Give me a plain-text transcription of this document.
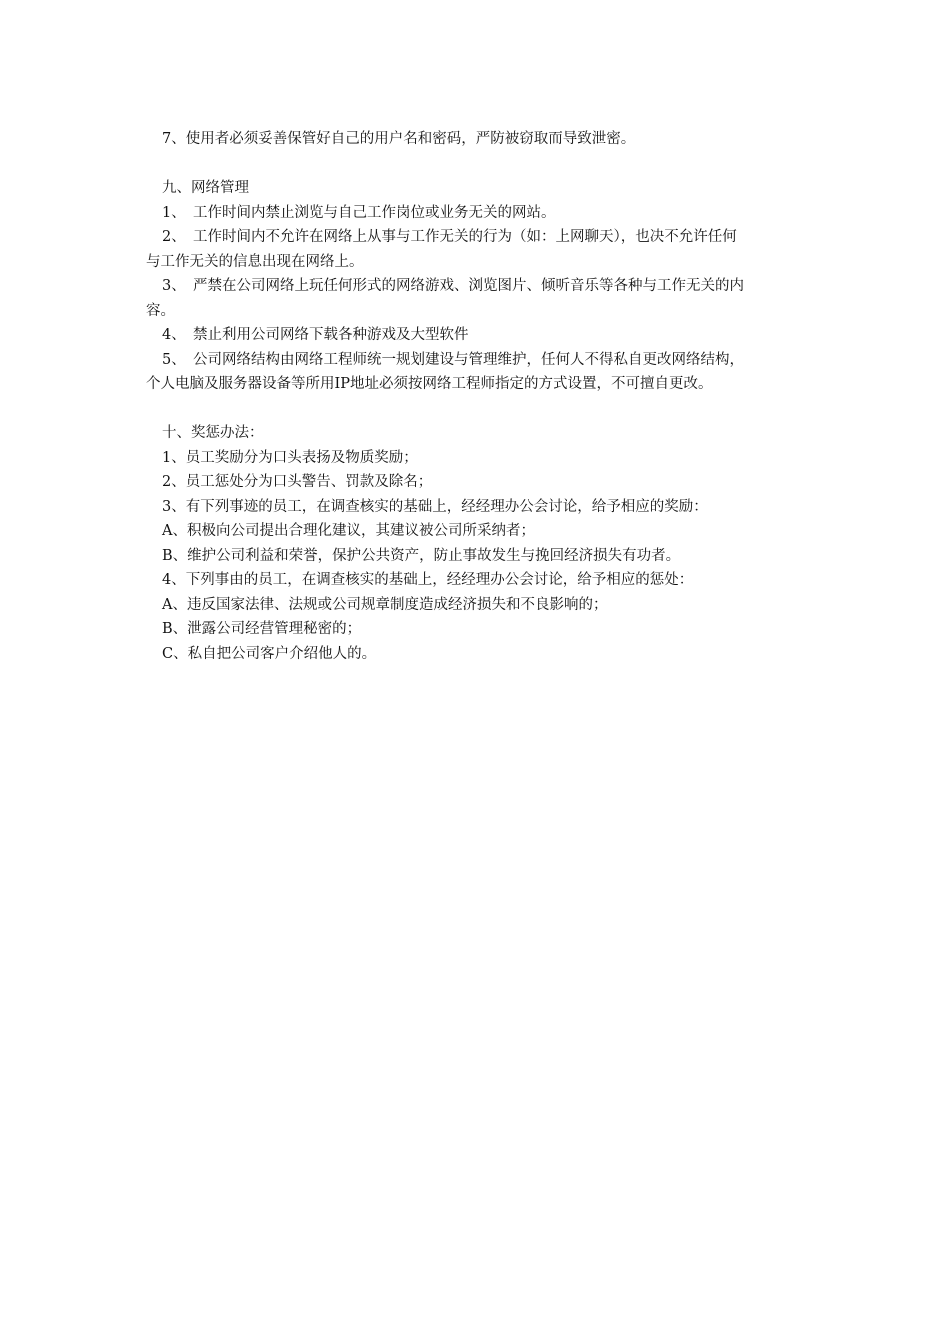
7、使用者必须妥善保管好自己的用户名和密码，严防被窃取而导致泄密。
九、网络管理
1、　工作时间内禁止浏览与自己工作岗位或业务无关的网站。
2、　工作时间内不允许在网络上从事与工作无关的行为（如：上网聊天），也决不允许任何
与工作无关的信息出现在网络上。
3、　严禁在公司网络上玩任何形式的网络游戏、浏览图片、倾听音乐等各种与工作无关的内
容。
4、　禁止利用公司网络下载各种游戏及大型软件
5、　公司网络结构由网络工程师统一规划建设与管理维护，任何人不得私自更改网络结构，
个人电脑及服务器设备等所用IP地址必须按网络工程师指定的方式设置，不可擅自更改。
十、奖惩办法：
1、员工奖励分为口头表扬及物质奖励；
2、员工惩处分为口头警告、罚款及除名；
3、有下列事迹的员工，在调查核实的基础上，经经理办公会讨论，给予相应的奖励：
A、积极向公司提出合理化建议，其建议被公司所采纳者；
B、维护公司利益和荣誉，保护公共资产，防止事故发生与挽回经济损失有功者。
4、下列事由的员工，在调查核实的基础上，经经理办公会讨论，给予相应的惩处：
A、违反国家法律、法规或公司规章制度造成经济损失和不良影响的；
B、泄露公司经营管理秘密的；
C、私自把公司客户介绍他人的。
